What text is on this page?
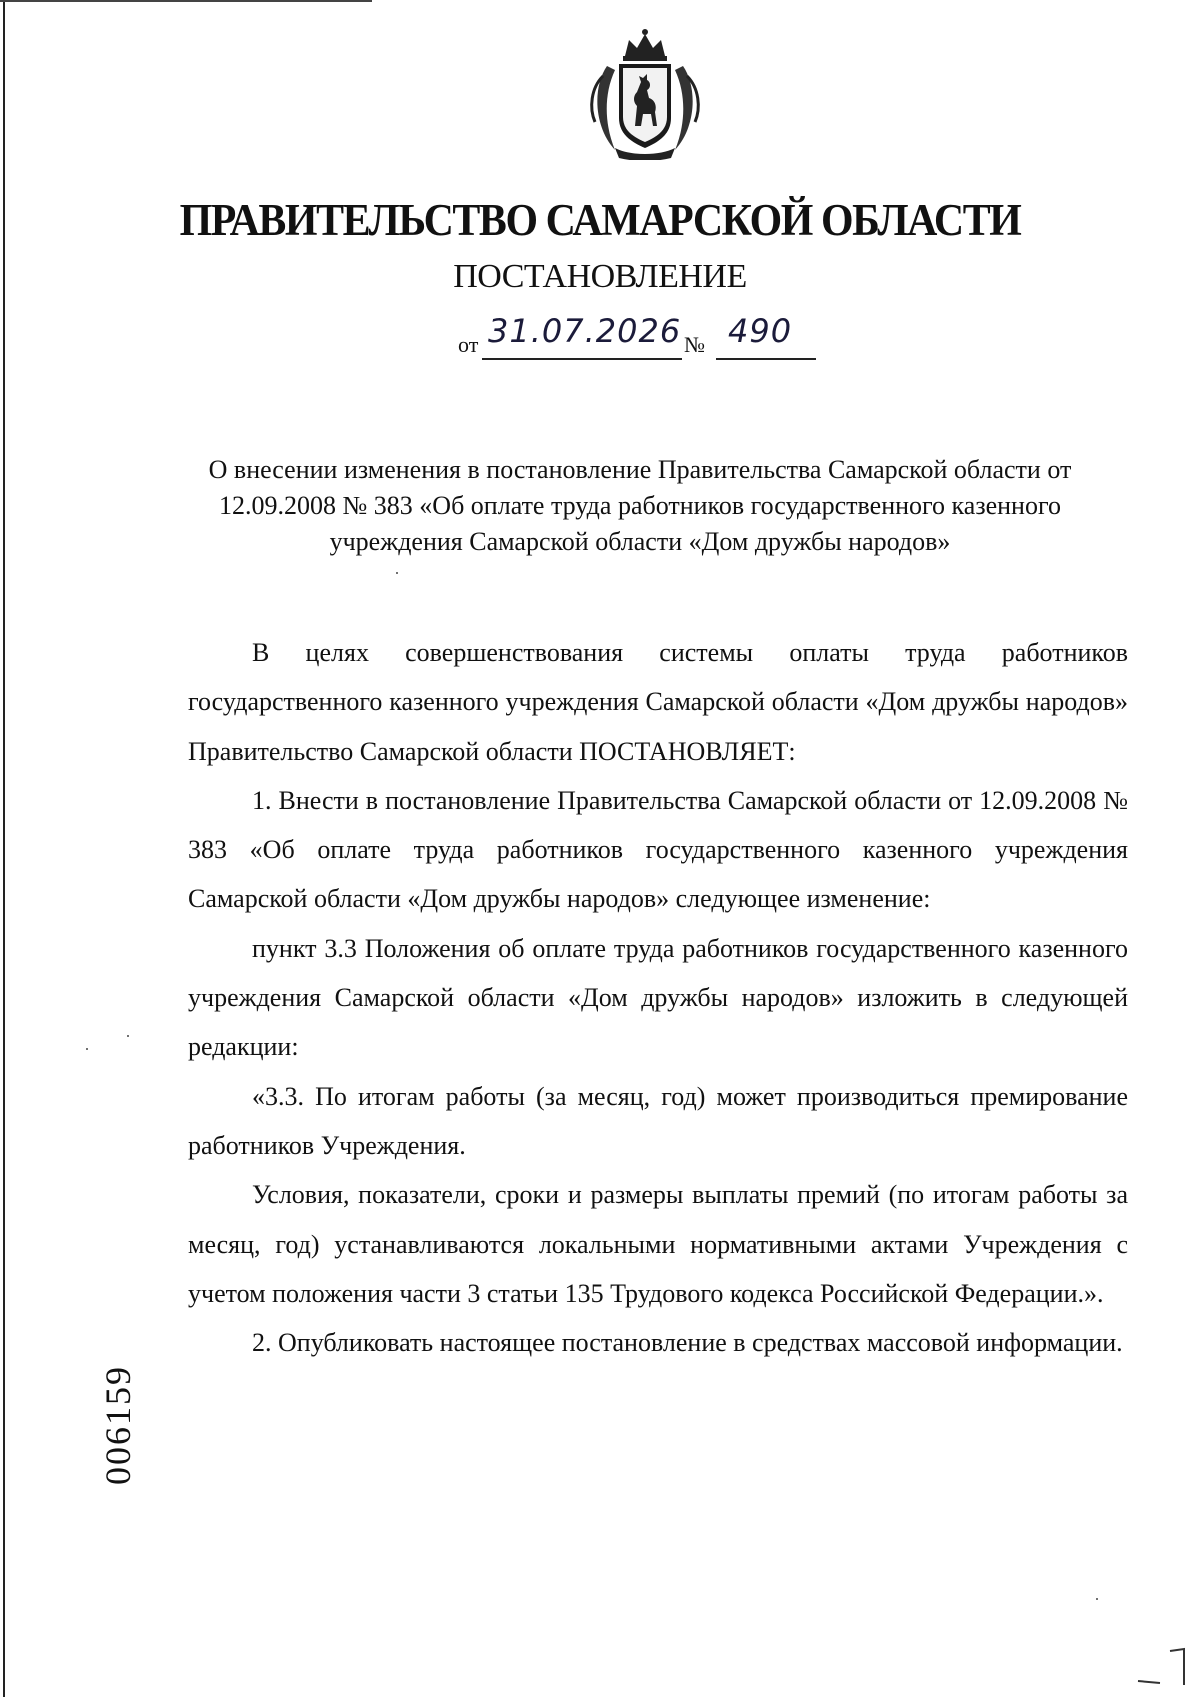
ПРАВИТЕЛЬСТВО САМАРСКОЙ ОБЛАСТИ
ПОСТАНОВЛЕНИЕ
от 31.07.2026 № 490
О внесении изменения в постановление Правительства Самарской области от 12.09.2008 № 383 «Об оплате труда работников государственного казенного учреждения Самарской области «Дом дружбы народов»

В целях совершенствования системы оплаты труда работников государственного казенного учреждения Самарской области «Дом дружбы народов» Правительство Самарской области ПОСТАНОВЛЯЕТ:

1. Внести в постановление Правительства Самарской области от 12.09.2008 № 383 «Об оплате труда работников государственного казенного учреждения Самарской области «Дом дружбы народов» следующее изменение:

пункт 3.3 Положения об оплате труда работников государственного казенного учреждения Самарской области «Дом дружбы народов» изложить в следующей редакции:

«3.3. По итогам работы (за месяц, год) может производиться премирование работников Учреждения.

Условия, показатели, сроки и размеры выплаты премий (по итогам работы за месяц, год) устанавливаются локальными нормативными актами Учреждения с учетом положения части 3 статьи 135 Трудового кодекса Российской Федерации.».

2. Опубликовать настоящее постановление в средствах массовой информации.

006159
